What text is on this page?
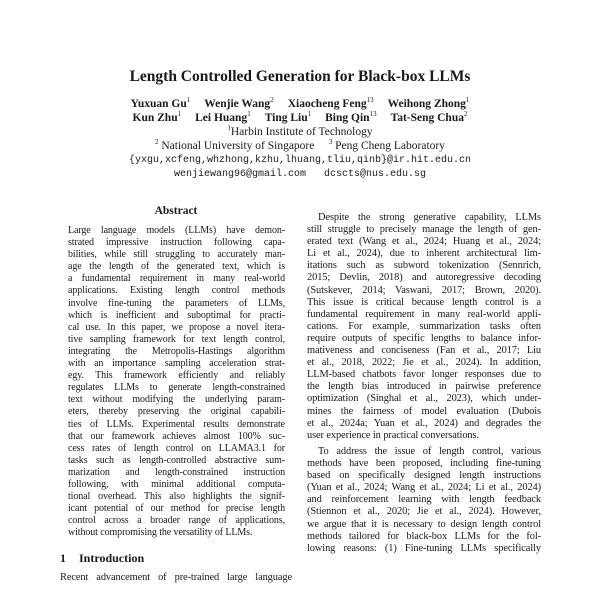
Length Controlled Generation for Black-box LLMs
Yuxuan Gu$^1$ Wenjie Wang$^2$ Xiaocheng Feng$^{13}$ Weihong Zhong$^1$
Kun Zhu$^1$ Lei Huang$^1$ Ting Liu$^1$ Bing Qin$^{13}$ Tat-Seng Chua$^2$
$^1$Harbin Institute of Technology
$^2$ National University of Singapore $^3$ Peng Cheng Laboratory
{yxgu,xcfeng,whzhong,kzhu,lhuang,tliu,qinb}@ir.hit.edu.cn
wenjiewang96@gmail.com dcscts@nus.edu.sg
Abstract
Large language models (LLMs) have demon-
strated impressive instruction following capa-
bilities, while still struggling to accurately man-
age the length of the generated text, which is
a fundamental requirement in many real-world
applications. Existing length control methods
involve fine-tuning the parameters of LLMs,
which is inefficient and suboptimal for practi-
cal use. In this paper, we propose a novel itera-
tive sampling framework for text length control,
integrating the Metropolis-Hastings algorithm
with an importance sampling acceleration strat-
egy. This framework efficiently and reliably
regulates LLMs to generate length-constrained
text without modifying the underlying param-
eters, thereby preserving the original capabili-
ties of LLMs. Experimental results demonstrate
that our framework achieves almost 100% suc-
cess rates of length control on LLAMA3.1 for
tasks such as length-controlled abstractive sum-
marization and length-constrained instruction
following, with minimal additional computa-
tional overhead. This also highlights the signif-
icant potential of our method for precise length
control across a broader range of applications,
without compromising the versatility of LLMs.
1 Introduction
Recent advancement of pre-trained large language
Despite the strong generative capability, LLMs
still struggle to precisely manage the length of gen-
erated text (Wang et al., 2024; Huang et al., 2024;
Li et al., 2024), due to inherent architectural lim-
itations such as subword tokenization (Sennrich,
2015; Devlin, 2018) and autoregressive decoding
(Sutskever, 2014; Vaswani, 2017; Brown, 2020).
This issue is critical because length control is a
fundamental requirement in many real-world appli-
cations. For example, summarization tasks often
require outputs of specific lengths to balance infor-
mativeness and conciseness (Fan et al., 2017; Liu
et al., 2018, 2022; Jie et al., 2024). In addition,
LLM-based chatbots favor longer responses due to
the length bias introduced in pairwise preference
optimization (Singhal et al., 2023), which under-
mines the fairness of model evaluation (Dubois
et al., 2024a; Yuan et al., 2024) and degrades the
user experience in practical conversations.
To address the issue of length control, various
methods have been proposed, including fine-tuning
based on specifically designed length instructions
(Yuan et al., 2024; Wang et al., 2024; Li et al., 2024)
and reinforcement learning with length feedback
(Stiennon et al., 2020; Jie et al., 2024). However,
we argue that it is necessary to design length control
methods tailored for black-box LLMs for the fol-
lowing reasons: (1) Fine-tuning LLMs specifically
